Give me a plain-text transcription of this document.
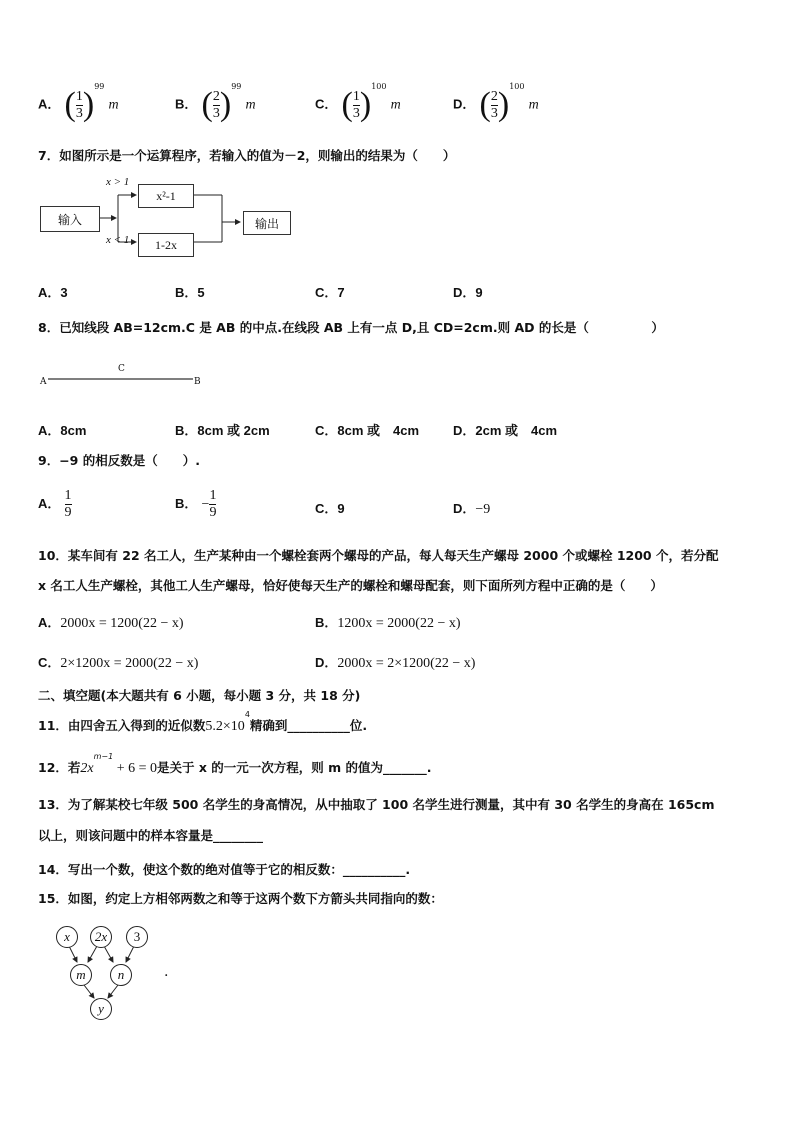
A． ( $\frac{1}{3} )^{99}$ m	B． ( $\frac{2}{3} )^{99}$ m	C． ( $\frac{1}{3} )^{100}$ m	D． ( $\frac{2}{3} )^{100}$ m
7．如图所示是一个运算程序，若输入的值为－2，则输出的结果为（　　）
输入
x > 1
x < 1
x²-1
1-2x
输出
A．3	B．5	C．7	D．9
8．已知线段 AB=12cm.C 是 AB 的中点.在线段 AB 上有一点 D,且 CD=2cm.则 AD 的长是（　　　　　）
A
C
B
A．8cm	B．8cm 或 2cm	C．8cm 或　4cm	D．2cm 或　4cm
9．−9 的相反数是（　　）.
A． $\frac{1}{9}$	B． − $\frac{1}{9}$	C．9	D．−9
10．某车间有 22 名工人，生产某种由一个螺栓套两个螺母的产品，每人每天生产螺母 2000 个或螺栓 1200 个，若分配
x 名工人生产螺栓，其他工人生产螺母，恰好使每天生产的螺栓和螺母配套，则下面所列方程中正确的是（　　）
A．2000x = 1200(22 − x)	B．1200x = 2000(22 − x)
C．2×1200x = 2000(22 − x)	D．2000x = 2×1200(22 − x)
二、填空题(本大题共有 6 小题，每小题 3 分，共 18 分)
11．由四舍五入得到的近似数$5.2\times 10^4$精确到__________位.
12．若$2x^{m-1} + 6 = 0$是关于 x 的一元一次方程，则 m 的值为_______.
13．为了解某校七年级 500 名学生的身高情况，从中抽取了 100 名学生进行测量，其中有 30 名学生的身高在 165cm
以上，则该问题中的样本容量是________
14．写出一个数，使这个数的绝对值等于它的相反数：__________.
15．如图，约定上方相邻两数之和等于这两个数下方箭头共同指向的数：
x	2x	3
m	n
y
.
